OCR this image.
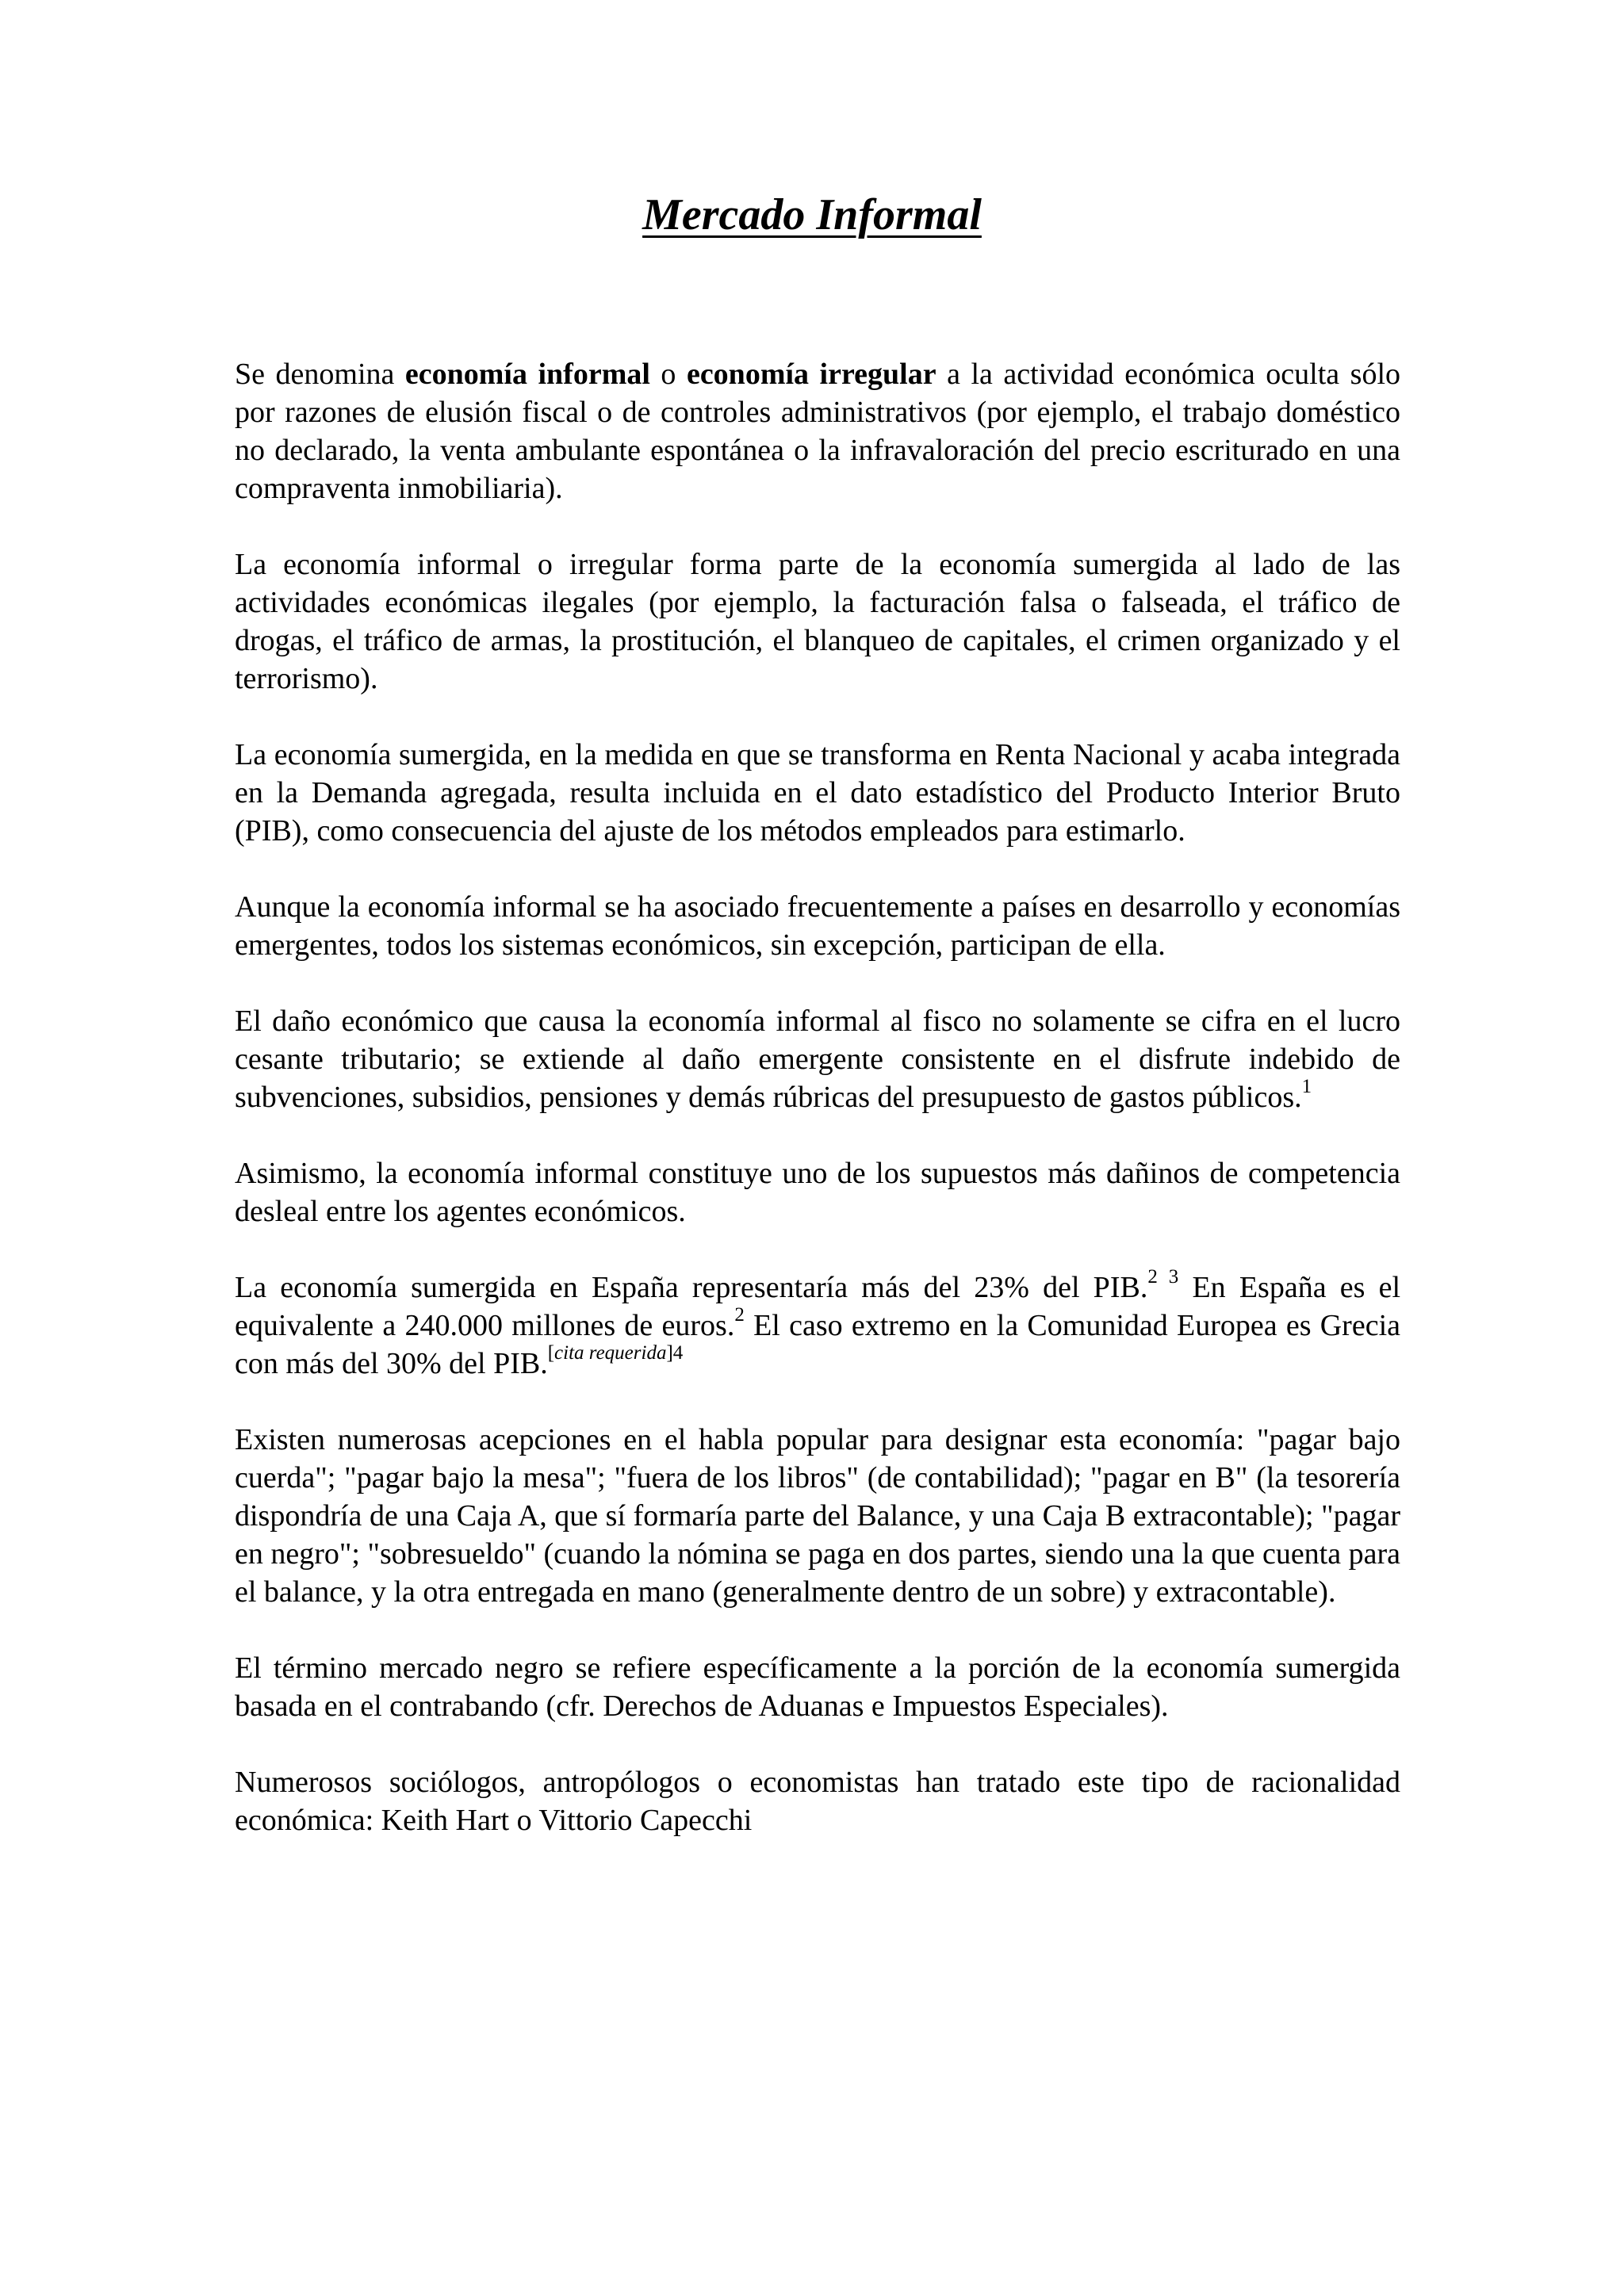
Mercado Informal

Se denomina economía informal o economía irregular a la actividad económica oculta sólo por razones de elusión fiscal o de controles administrativos (por ejemplo, el trabajo doméstico no declarado, la venta ambulante espontánea o la infravaloración del precio escriturado en una compraventa inmobiliaria).

La economía informal o irregular forma parte de la economía sumergida al lado de las actividades económicas ilegales (por ejemplo, la facturación falsa o falseada, el tráfico de drogas, el tráfico de armas, la prostitución, el blanqueo de capitales, el crimen organizado y el terrorismo).

La economía sumergida, en la medida en que se transforma en Renta Nacional y acaba integrada en la Demanda agregada, resulta incluida en el dato estadístico del Producto Interior Bruto (PIB), como consecuencia del ajuste de los métodos empleados para estimarlo.

Aunque la economía informal se ha asociado frecuentemente a países en desarrollo y economías emergentes, todos los sistemas económicos, sin excepción, participan de ella.

El daño económico que causa la economía informal al fisco no solamente se cifra en el lucro cesante tributario; se extiende al daño emergente consistente en el disfrute indebido de subvenciones, subsidios, pensiones y demás rúbricas del presupuesto de gastos públicos.$^1$

Asimismo, la economía informal constituye uno de los supuestos más dañinos de competencia desleal entre los agentes económicos.

La economía sumergida en España representaría más del 23% del PIB.$^{2 3}$ En España es el equivalente a 240.000 millones de euros.$^2$ El caso extremo en la Comunidad Europea es Grecia con más del 30% del PIB.$^{[cita requerida]4}$

Existen numerosas acepciones en el habla popular para designar esta economía: "pagar bajo cuerda"; "pagar bajo la mesa"; "fuera de los libros" (de contabilidad); "pagar en B" (la tesorería dispondría de una Caja A, que sí formaría parte del Balance, y una Caja B extracontable); "pagar en negro"; "sobresueldo" (cuando la nómina se paga en dos partes, siendo una la que cuenta para el balance, y la otra entregada en mano (generalmente dentro de un sobre) y extracontable).

El término mercado negro se refiere específicamente a la porción de la economía sumergida basada en el contrabando (cfr. Derechos de Aduanas e Impuestos Especiales).

Numerosos sociólogos, antropólogos o economistas han tratado este tipo de racionalidad económica: Keith Hart o Vittorio Capecchi
